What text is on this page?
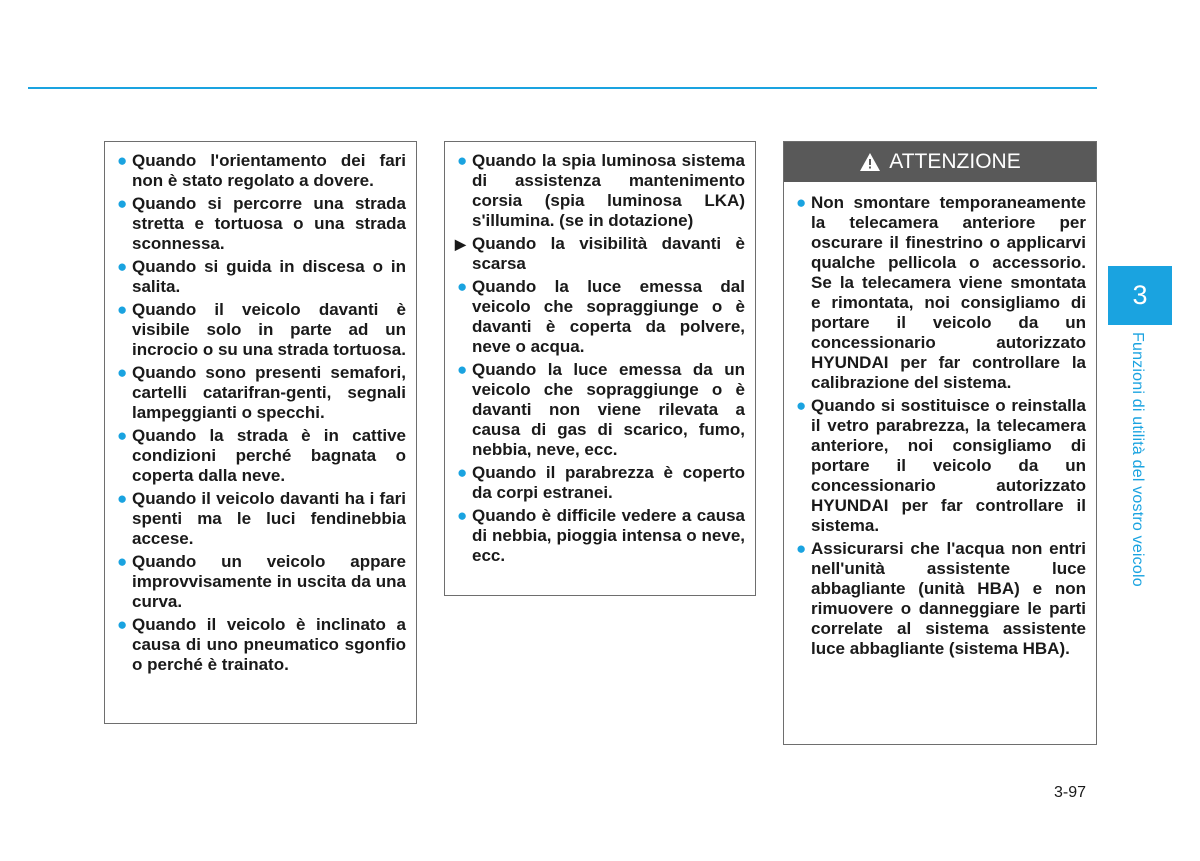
● Quando l'orientamento dei fari non è stato regolato a dovere.
● Quando si percorre una strada stretta e tortuosa o una strada sconnessa.
● Quando si guida in discesa o in salita.
● Quando il veicolo davanti è visibile solo in parte ad un incrocio o su una strada tortuosa.
● Quando sono presenti semafori, cartelli catarifran-genti, segnali lampeggianti o specchi.
● Quando la strada è in cattive condizioni perché bagnata o coperta dalla neve.
● Quando il veicolo davanti ha i fari spenti ma le luci fendinebbia accese.
● Quando un veicolo appare improvvisamente in uscita da una curva.
● Quando il veicolo è inclinato a causa di uno pneumatico sgonfio o perché è trainato.
● Quando la spia luminosa sistema di assistenza mantenimento corsia (spia luminosa LKA) s'illumina. (se in dotazione)
▶ Quando la visibilità davanti è scarsa
● Quando la luce emessa dal veicolo che sopraggiunge o è davanti è coperta da polvere, neve o acqua.
● Quando la luce emessa da un veicolo che sopraggiunge o è davanti non viene rilevata a causa di gas di scarico, fumo, nebbia, neve, ecc.
● Quando il parabrezza è coperto da corpi estranei.
● Quando è difficile vedere a causa di nebbia, pioggia intensa o neve, ecc.
ATTENZIONE
● Non smontare temporaneamente la telecamera anteriore per oscurare il finestrino o applicarvi qualche pellicola o accessorio. Se la telecamera viene smontata e rimontata, noi consigliamo di portare il veicolo da un concessionario autorizzato HYUNDAI per far controllare la calibrazione del sistema.
● Quando si sostituisce o reinstalla il vetro parabrezza, la telecamera anteriore, noi consigliamo di portare il veicolo da un concessionario autorizzato HYUNDAI per far controllare il sistema.
● Assicurarsi che l'acqua non entri nell'unità assistente luce abbagliante (unità HBA) e non rimuovere o danneggiare le parti correlate al sistema assistente luce abbagliante (sistema HBA).
3
Funzioni di utilità del vostro veicolo
3-97
